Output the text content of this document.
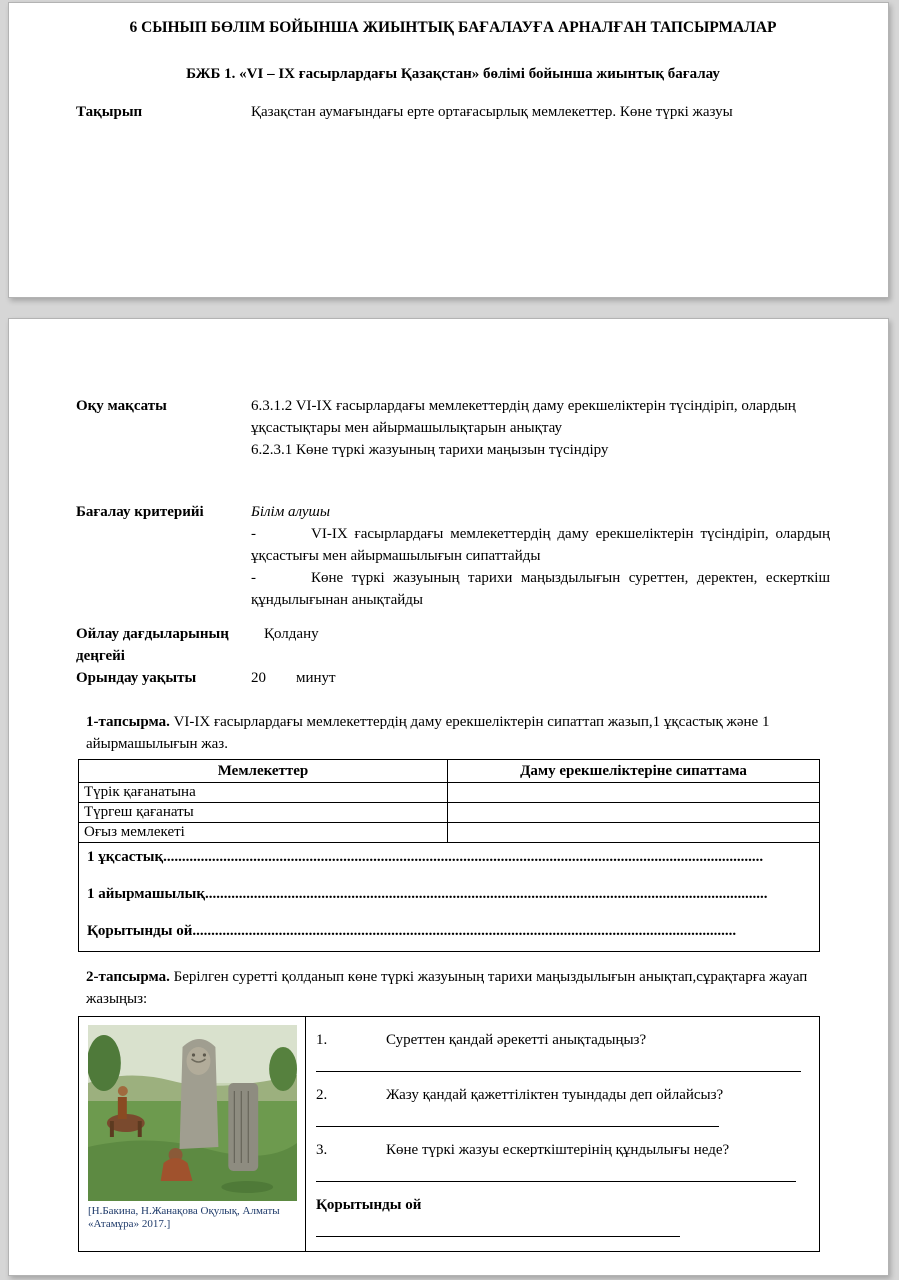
6 СЫНЫП БӨЛІМ БОЙЫНША ЖИЫНТЫҚ БАҒАЛАУҒА АРНАЛҒАН ТАПСЫРМАЛАР
БЖБ 1. «VI – IX ғасырлардағы Қазақстан» бөлімі бойынша жиынтық бағалау
Тақырып	Қазақстан аумағындағы ерте ортағасырлық мемлекеттер. Көне түркі жазуы
Оқу мақсаты	6.3.1.2 VI-IX ғасырлардағы мемлекеттердің даму ерекшеліктерін түсіндіріп, олардың ұқсастықтары мен айырмашылықтарын анықтау

6.2.3.1 Көне түркі жазуының тарихи маңызын түсіндіру

Бағалау критерийі	Білім алушы

-	VI-IX ғасырлардағы мемлекеттердің даму ерекшеліктерін түсіндіріп, олардың ұқсастығы мен айырмашылығын сипаттайды

-	Көне түркі жазуының тарихи маңыздылығын суреттен, деректен, ескерткіш құндылығынан анықтайды

Ойлау дағдыларының деңгейі
Қолдану
Орындау уақыты	20 минут

1-тапсырма. VI-IX ғасырлардағы мемлекеттердің даму ерекшеліктерін сипаттап жазып,1 ұқсастық және 1 айырмашылығын жаз.

Мемлекеттер	Даму ерекшеліктеріне сипаттама
Түрік қағанатына	
Түргеш қағанаты	
Оғыз мемлекеті	

1 ұқсастық................................................................................................................................................................

1 айырмашылық......................................................................................................................................................

Қорытынды ой.................................................................................................................................................	

2-тапсырма. Берілген суретті қолданып көне түркі жазуының тарихи маңыздылығын анықтап,сұрақтарға жауап жазыңыз:

[Н.Бакина, Н.Жанақова Оқулық, Алматы «Атамұра» 2017.]

1.	Суреттен қандай әрекетті анықтадыңыз?
2.	Жазу қандай қажеттіліктен туындады деп ойлайсыз?
3.	Көне түркі жазуы ескерткіштерінің құндылығы неде?

Қорытынды ой
